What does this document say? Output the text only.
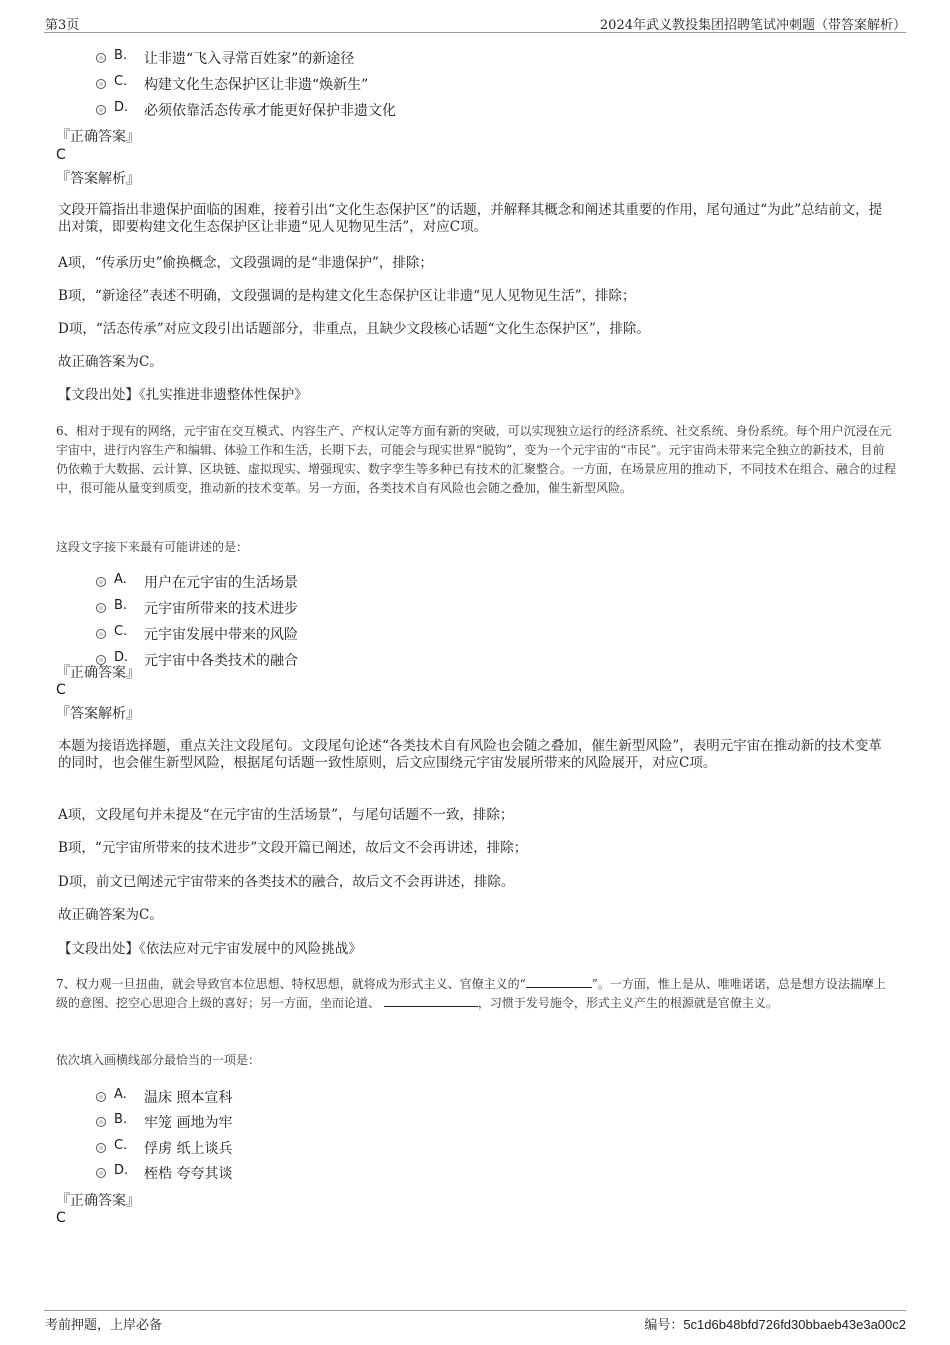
第3页	2024年武义教投集团招聘笔试冲刺题（带答案解析）
B. 让非遗“飞入寻常百姓家”的新途径
C. 构建文化生态保护区让非遗“焕新生”
D. 必须依靠活态传承才能更好保护非遗文化
『正确答案』
C
『答案解析』
文段开篇指出非遗保护面临的困难，接着引出“文化生态保护区”的话题，并解释其概念和阐述其重要的作用，尾句通过“为此”总结前文，提出对策，即要构建文化生态保护区让非遗“见人见物见生活”，对应C项。
A项，“传承历史”偷换概念，文段强调的是“非遗保护”，排除；
B项，“新途径”表述不明确，文段强调的是构建文化生态保护区让非遗“见人见物见生活”，排除；
D项，“活态传承”对应文段引出话题部分，非重点，且缺少文段核心话题“文化生态保护区”，排除。
故正确答案为C。
【文段出处】《扎实推进非遗整体性保护》
6、相对于现有的网络，元宇宙在交互模式、内容生产、产权认定等方面有新的突破，可以实现独立运行的经济系统、社交系统、身份系统。每个用户沉浸在元宇宙中，进行内容生产和编辑、体验工作和生活，长期下去，可能会与现实世界“脱钩”，变为一个元宇宙的“市民”。元宇宙尚未带来完全独立的新技术，目前仍依赖于大数据、云计算、区块链、虚拟现实、增强现实、数字孪生等多种已有技术的汇聚整合。一方面，在场景应用的推动下，不同技术在组合、融合的过程中，很可能从量变到质变，推动新的技术变革。另一方面，各类技术自有风险也会随之叠加，催生新型风险。
这段文字接下来最有可能讲述的是：
A. 用户在元宇宙的生活场景
B. 元宇宙所带来的技术进步
C. 元宇宙发展中带来的风险
D. 元宇宙中各类技术的融合
『正确答案』
C
『答案解析』
本题为接语选择题，重点关注文段尾句。文段尾句论述“各类技术自有风险也会随之叠加，催生新型风险”，表明元宇宙在推动新的技术变革的同时，也会催生新型风险，根据尾句话题一致性原则，后文应围绕元宇宙发展所带来的风险展开，对应C项。
A项，文段尾句并未提及“在元宇宙的生活场景”，与尾句话题不一致，排除；
B项，“元宇宙所带来的技术进步”文段开篇已阐述，故后文不会再讲述，排除；
D项，前文已阐述元宇宙带来的各类技术的融合，故后文不会再讲述，排除。
故正确答案为C。
【文段出处】《依法应对元宇宙发展中的风险挑战》
7、权力观一旦扭曲，就会导致官本位思想、特权思想，就将成为形式主义、官僚主义的“	”。一方面，惟上是从、唯唯诺诺，总是想方设法揣摩上级的意图、挖空心思迎合上级的喜好；另一方面，坐而论道、	，习惯于发号施令，形式主义产生的根源就是官僚主义。
依次填入画横线部分最恰当的一项是：
A. 温床 照本宣科
B. 牢笼 画地为牢
C. 俘虏 纸上谈兵
D. 桎梏 夸夸其谈
『正确答案』
C
考前押题，上岸必备	编号：5c1d6b48bfd726fd30bbaeb43e3a00c2
